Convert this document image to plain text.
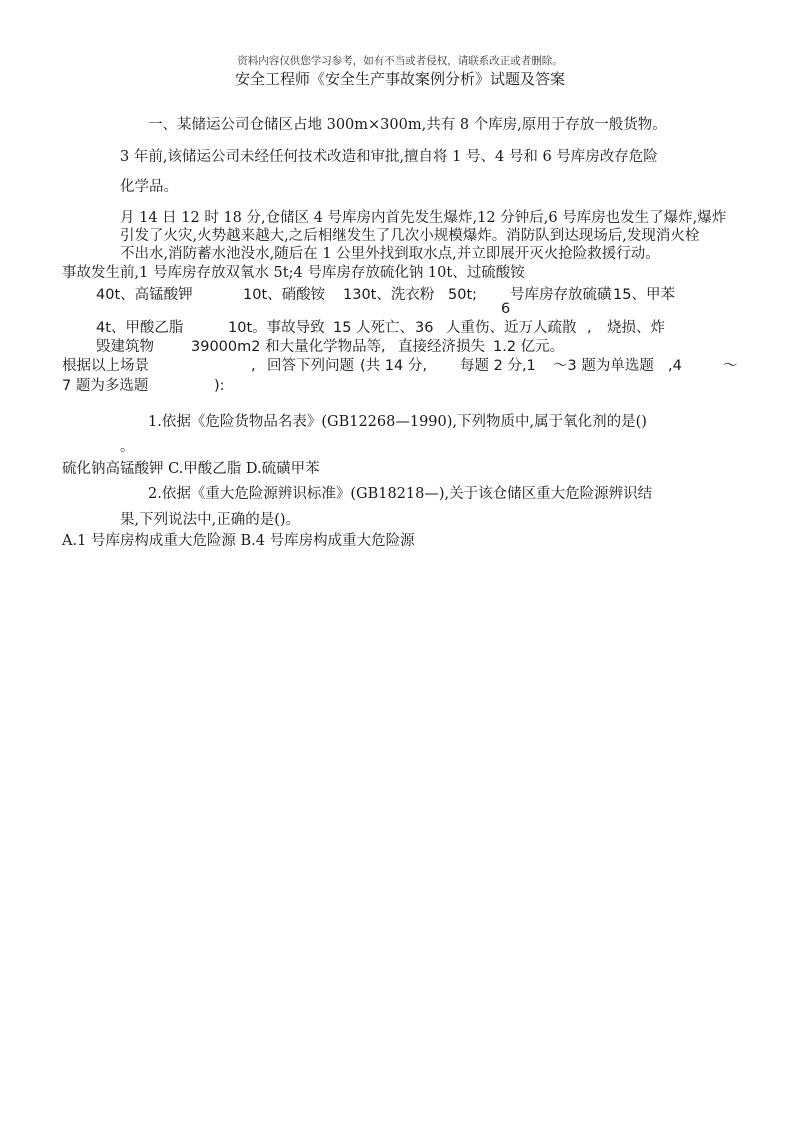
资料内容仅供您学习参考，如有不当或者侵权，请联系改正或者删除。
安全工程师《安全生产事故案例分析》试题及答案
一、某储运公司仓储区占地 300m×300m,共有 8 个库房,原用于存放一般货物。
3 年前,该储运公司未经任何技术改造和审批,擅自将 1 号、4 号和 6 号库房改存危险
化学品。
月 14 日 12 时 18 分,仓储区 4 号库房内首先发生爆炸,12 分钟后,6 号库房也发生了爆炸,爆炸
引发了火灾,火势越来越大,之后相继发生了几次小规模爆炸。消防队到达现场后,发现消火栓
不出水,消防蓄水池没水,随后在 1 公里外找到取水点,并立即展开灭火抢险救援行动。
事故发生前,1 号库房存放双氧水 5t;4 号库房存放硫化钠 10t、过硫酸铵
40t、高锰酸钾	10t、硝酸铵 130t、洗衣粉 50t; 号库房存放硫磺 15、甲苯
6
4t、甲酸乙脂	10t。事故导致 15 人死亡、 36 人重伤、近万人疏散 , 烧损、炸
毁建筑物	39000m2 和大量化学物品等 , 直接经济损失 1.2 亿元。
根据以上场景	, 回答下列问题 (共 14 分, 每题 2 分,1 ～3 题为单选题 ,4	～
7 题为多选题	):
1.依据《危险货物品名表》(GB12268—1990),下列物质中,属于氧化剂的是()
。
硫化钠高锰酸钾 C.甲酸乙脂 D.硫磺甲苯
2.依据《重大危险源辨识标准》(GB18218—),关于该仓储区重大危险源辨识结
果,下列说法中,正确的是()。
A.1 号库房构成重大危险源 B.4 号库房构成重大危险源
